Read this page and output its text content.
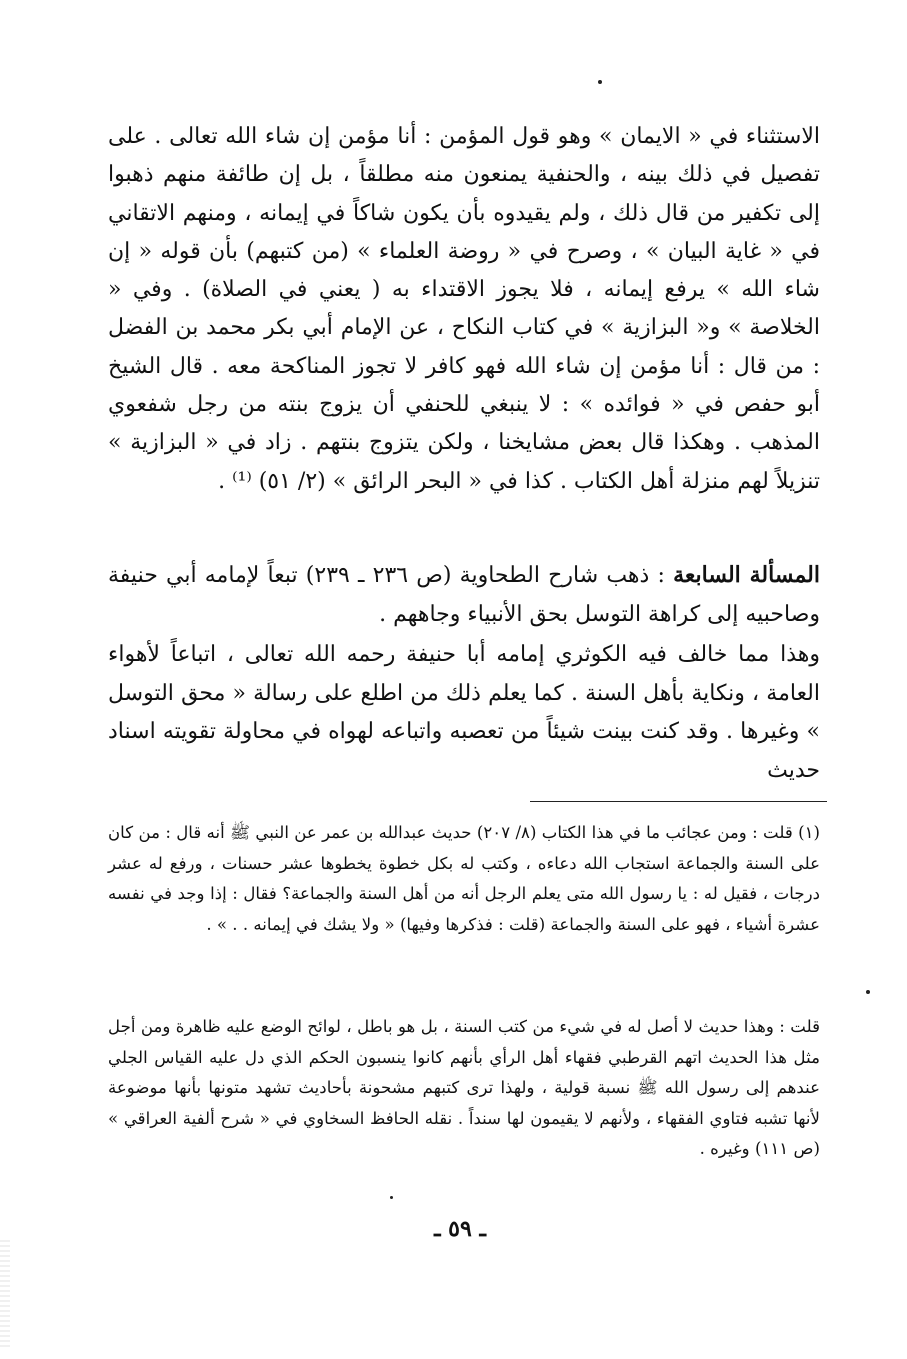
الاستثناء في « الايمان » وهو قول المؤمن : أنا مؤمن إن شاء الله تعالى . على تفصيل في ذلك بينه ، والحنفية يمنعون منه مطلقاً ، بل إن طائفة منهم ذهبوا إلى تكفير من قال ذلك ، ولم يقيدوه بأن يكون شاكاً في إيمانه ، ومنهم الاتقاني في « غاية البيان » ، وصرح في « روضة العلماء » (من كتبهم) بأن قوله « إن شاء الله » يرفع إيمانه ، فلا يجوز الاقتداء به ( يعني في الصلاة) . وفي « الخلاصة » و« البزازية » في كتاب النكاح ، عن الإمام أبي بكر محمد بن الفضل : من قال : أنا مؤمن إن شاء الله فهو كافر لا تجوز المناكحة معه . قال الشيخ أبو حفص في « فوائده » : لا ينبغي للحنفي أن يزوج بنته من رجل شفعوي المذهب . وهكذا قال بعض مشايخنا ، ولكن يتزوج بنتهم . زاد في « البزازية » تنزيلاً لهم منزلة أهل الكتاب . كذا في « البحر الرائق » (٢/ ٥١) ⁽¹⁾ .

المسألة السابعة : ذهب شارح الطحاوية (ص ٢٣٦ ـ ٢٣٩) تبعاً لإمامه أبي حنيفة وصاحبيه إلى كراهة التوسل بحق الأنبياء وجاههم .

وهذا مما خالف فيه الكوثري إمامه أبا حنيفة رحمه الله تعالى ، اتباعاً لأهواء العامة ، ونكاية بأهل السنة . كما يعلم ذلك من اطلع على رسالة « محق التوسل » وغيرها . وقد كنت بينت شيئاً من تعصبه واتباعه لهواه في محاولة تقويته اسناد حديث

(١) قلت : ومن عجائب ما في هذا الكتاب (٨/ ٢٠٧) حديث عبدالله بن عمر عن النبي ﷺ أنه قال : من كان على السنة والجماعة استجاب الله دعاءه ، وكتب له بكل خطوة يخطوها عشر حسنات ، ورفع له عشر درجات ، فقيل له : يا رسول الله متى يعلم الرجل أنه من أهل السنة والجماعة؟ فقال : إذا وجد في نفسه عشرة أشياء ، فهو على السنة والجماعة (قلت : فذكرها وفيها) « ولا يشك في إيمانه . . » .

قلت : وهذا حديث لا أصل له في شيء من كتب السنة ، بل هو باطل ، لوائح الوضع عليه ظاهرة ومن أجل مثل هذا الحديث اتهم القرطبي فقهاء أهل الرأي بأنهم كانوا ينسبون الحكم الذي دل عليه القياس الجلي عندهم إلى رسول الله ﷺ نسبة قولية ، ولهذا ترى كتبهم مشحونة بأحاديث تشهد متونها بأنها موضوعة لأنها تشبه فتاوي الفقهاء ، ولأنهم لا يقيمون لها سنداً . نقله الحافظ السخاوي في « شرح ألفية العراقي » (ص ١١١) وغيره .

ـ ٥٩ ـ
